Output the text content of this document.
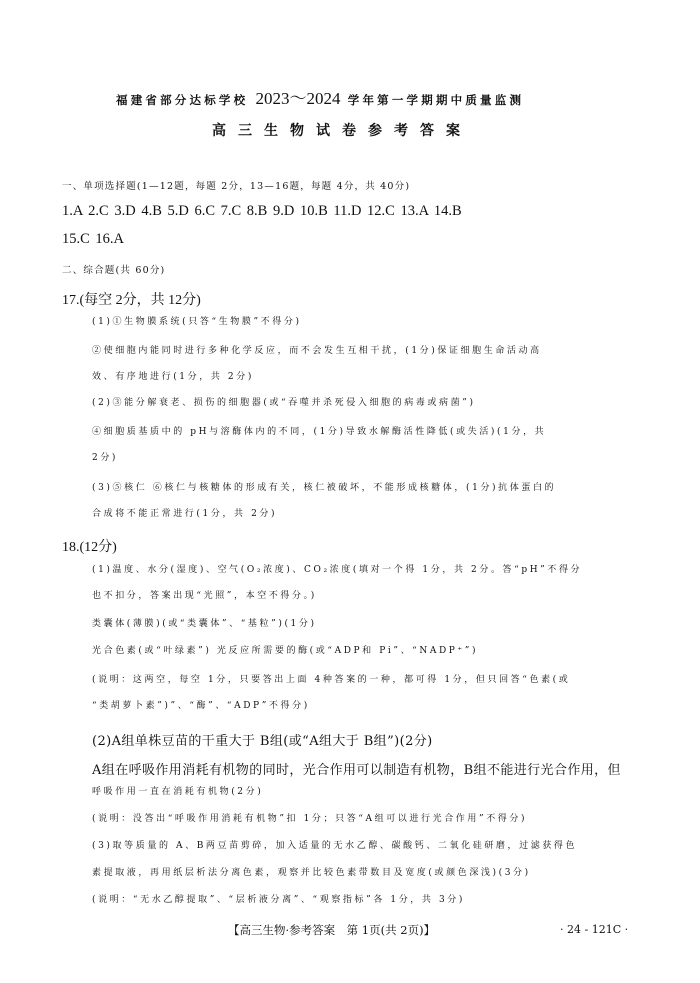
福建省部分达标学校 2023～2024 学年第一学期期中质量监测
高三生物试卷参考答案
一、单项选择题(1—12题，每题 2分，13—16题，每题 4分，共 40分)
1.A 2.C 3.D 4.B 5.D 6.C 7.C 8.B 9.D 10.B 11.D 12.C 13.A 14.B
15.C 16.A
二、综合题(共 60分)
17.(每空 2分，共 12分)
(1)①生物膜系统(只答“生物膜”不得分)
②使细胞内能同时进行多种化学反应，而不会发生互相干扰，(1分)保证细胞生命活动高
效、有序地进行(1分，共 2分)
(2)③能分解衰老、损伤的细胞器(或“吞噬并杀死侵入细胞的病毒或病菌”)
④细胞质基质中的 pH与溶酶体内的不同，(1分)导致水解酶活性降低(或失活)(1分，共
2分)
(3)⑤核仁 ⑥核仁与核糖体的形成有关，核仁被破坏，不能形成核糖体，(1分)抗体蛋白的
合成将不能正常进行(1分，共 2分)
18.(12分)
(1)温度、水分(湿度)、空气(O₂浓度)、CO₂浓度(填对一个得 1分，共 2分。答“pH”不得分
也不扣分，答案出现“光照”，本空不得分。)
类囊体(薄膜)(或“类囊体”、“基粒”)(1分)
光合色素(或“叶绿素”) 光反应所需要的酶(或“ADP和 Pi”、“NADP⁺”)
(说明：这两空，每空 1分，只要答出上面 4种答案的一种，都可得 1分，但只回答“色素(或
“类胡萝卜素”)”、“酶”、“ADP”不得分)
(2)A组单株豆苗的干重大于 B组(或“A组大于 B组”)(2分)
A组在呼吸作用消耗有机物的同时，光合作用可以制造有机物，B组不能进行光合作用，但
呼吸作用一直在消耗有机物(2分)
(说明：没答出“呼吸作用消耗有机物”扣 1分；只答“A组可以进行光合作用”不得分)
(3)取等质量的 A、B两豆苗剪碎，加入适量的无水乙醇、碳酸钙、二氧化硅研磨，过滤获得色
素提取液，再用纸层析法分离色素，观察并比较色素带数目及宽度(或颜色深浅)(3分)
(说明：“无水乙醇提取”、“层析液分离”、“观察指标”各 1分，共 3分)
【高三生物·参考答案　第 1页(共 2页)】	· 24 - 121C ·
